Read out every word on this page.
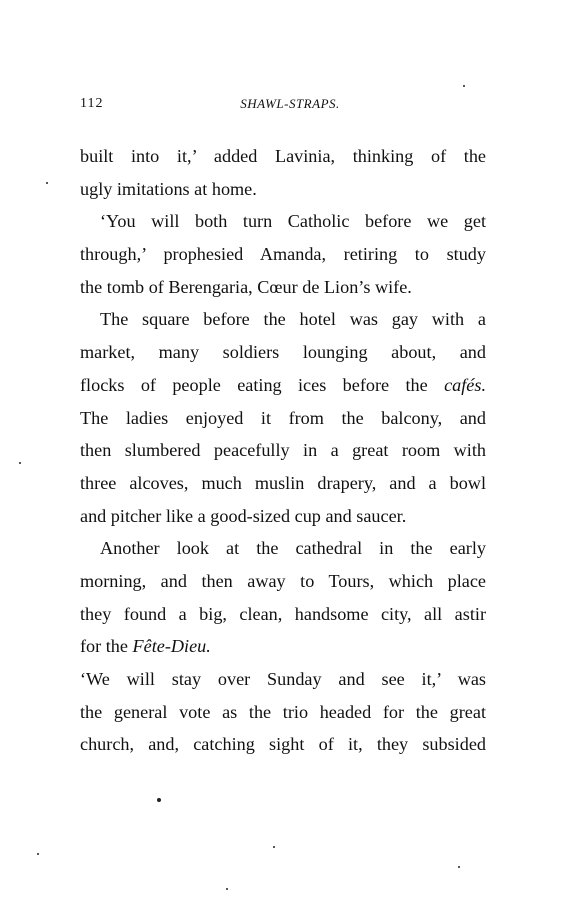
112	SHAWL-STRAPS.
built into it,’ added Lavinia, thinking of the
ugly imitations at home.
‘You will both turn Catholic before we get
through,’ prophesied Amanda, retiring to study
the tomb of Berengaria, Cœur de Lion’s wife.
The square before the hotel was gay with a
market, many soldiers lounging about, and
flocks of people eating ices before the cafés.
The ladies enjoyed it from the balcony, and
then slumbered peacefully in a great room with
three alcoves, much muslin drapery, and a bowl
and pitcher like a good-sized cup and saucer.
Another look at the cathedral in the early
morning, and then away to Tours, which place
they found a big, clean, handsome city, all astir
for the Fête-Dieu.
‘We will stay over Sunday and see it,’ was
the general vote as the trio headed for the great
church, and, catching sight of it, they subsided
